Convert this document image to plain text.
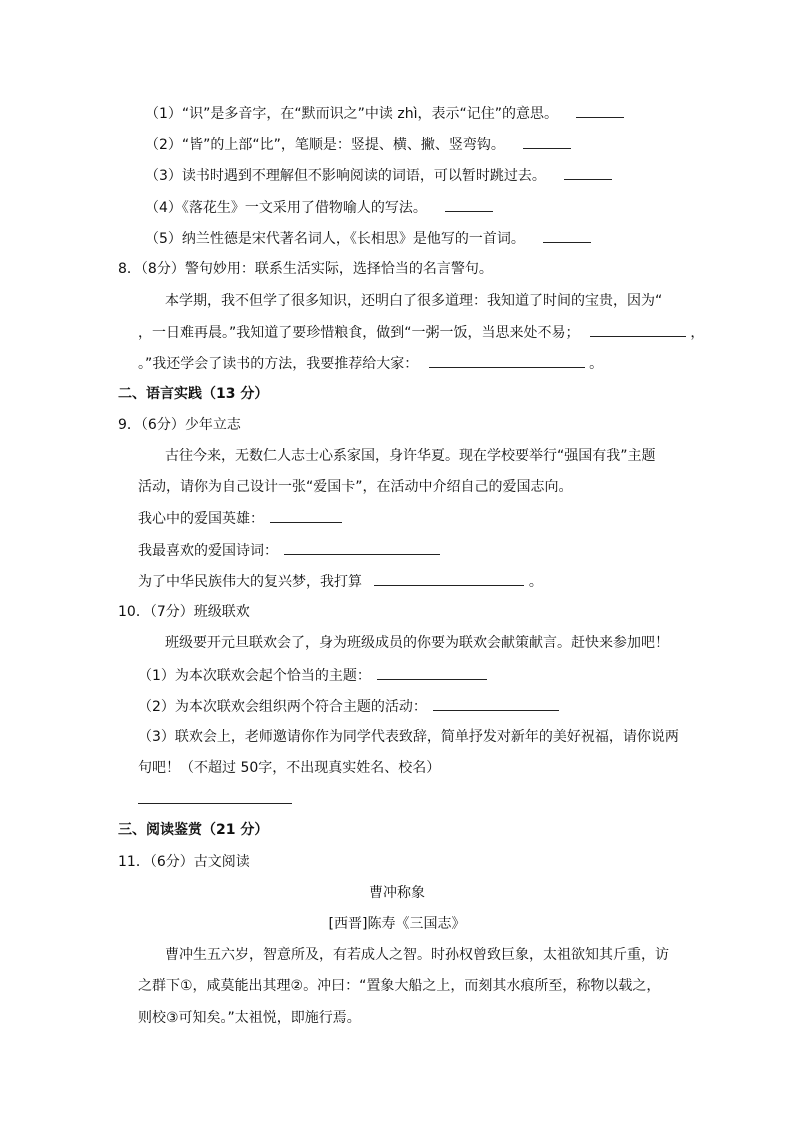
（1）“识”是多音字，在“默而识之”中读 zhì，表示“记住”的意思。
（2）“皆”的上部“比”，笔顺是：竖提、横、撇、竖弯钩。
（3）读书时遇到不理解但不影响阅读的词语，可以暂时跳过去。
（4）《落花生》一文采用了借物喻人的写法。
（5）纳兰性德是宋代著名词人，《长相思》是他写的一首词。
8．（8分）警句妙用：联系生活实际，选择恰当的名言警句。
本学期，我不但学了很多知识，还明白了很多道理：我知道了时间的宝贵，因为“
，一日难再晨。”我知道了要珍惜粮食，做到“一粥一饭，当思来处不易；	，
。”我还学会了读书的方法，我要推荐给大家：	。
二、语言实践（13 分）
9．（6分）少年立志
古往今来，无数仁人志士心系家国，身许华夏。现在学校要举行“强国有我”主题
活动，请你为自己设计一张“爱国卡”，在活动中介绍自己的爱国志向。
我心中的爱国英雄：
我最喜欢的爱国诗词：
为了中华民族伟大的复兴梦，我打算	。
10．（7分）班级联欢
班级要开元旦联欢会了，身为班级成员的你要为联欢会献策献言。赶快来参加吧！
（1）为本次联欢会起个恰当的主题：
（2）为本次联欢会组织两个符合主题的活动：
（3）联欢会上，老师邀请你作为同学代表致辞，简单抒发对新年的美好祝福，请你说两
句吧！（不超过 50字，不出现真实姓名、校名）
三、阅读鉴赏（21 分）
11．（6分）古文阅读
曹冲称象
[西晋]陈寿《三国志》
曹冲生五六岁，智意所及，有若成人之智。时孙权曾致巨象，太祖欲知其斤重，访
之群下①，咸莫能出其理②。冲曰：“置象大船之上，而刻其水痕所至，称物以载之，
则校③可知矣。”太祖悦，即施行焉。
